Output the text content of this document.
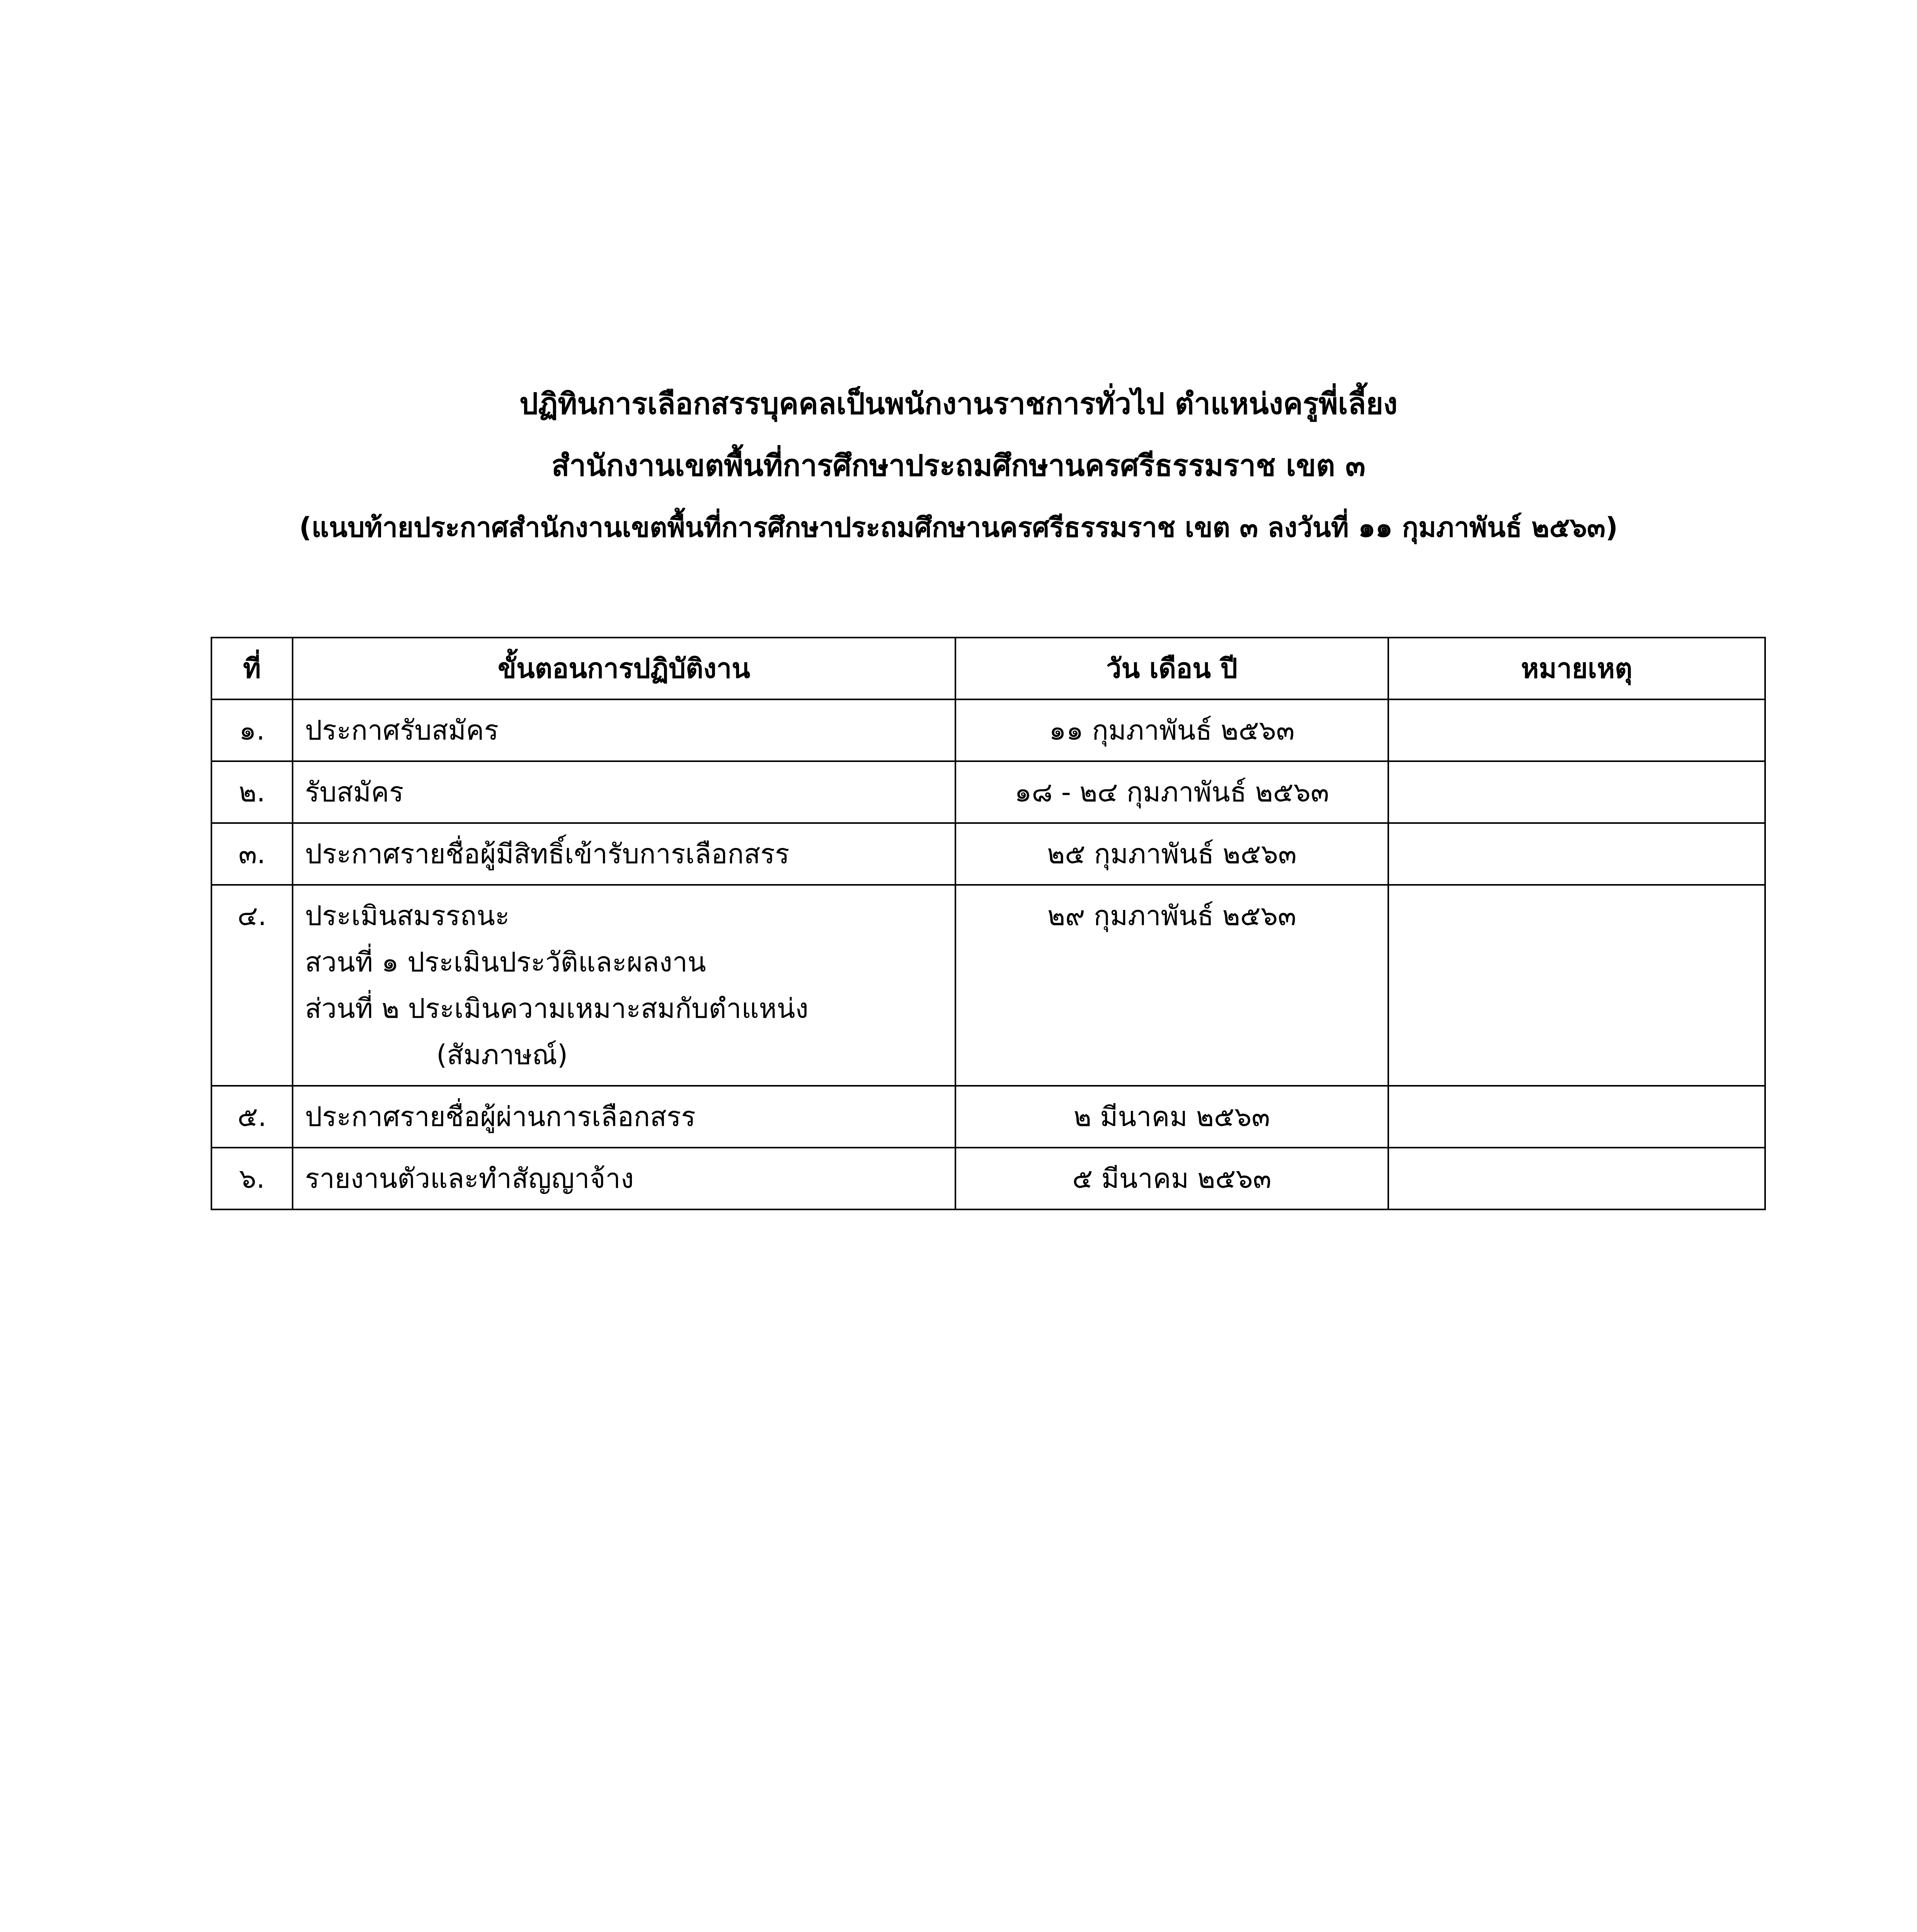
ปฏิทินการเลือกสรรบุคคลเป็นพนักงานราชการทั่วไป ตำแหน่งครูพี่เลี้ยง
สำนักงานเขตพื้นที่การศึกษาประถมศึกษานครศรีธรรมราช เขต ๓
(แนบท้ายประกาศสำนักงานเขตพื้นที่การศึกษาประถมศึกษานครศรีธรรมราช เขต ๓ ลงวันที่ ๑๑ กุมภาพันธ์ ๒๕๖๓)
ที่	ขั้นตอนการปฏิบัติงาน	วัน เดือน ปี	หมายเหตุ
๑.	ประกาศรับสมัคร	๑๑ กุมภาพันธ์ ๒๕๖๓	
๒.	รับสมัคร	๑๘ - ๒๔ กุมภาพันธ์ ๒๕๖๓	
๓.	ประกาศรายชื่อผู้มีสิทธิ์เข้ารับการเลือกสรร	๒๕ กุมภาพันธ์ ๒๕๖๓	
๔.	ประเมินสมรรถนะ
สวนที่ ๑ ประเมินประวัติและผลงาน
ส่วนที่ ๒ ประเมินความเหมาะสมกับตำแหน่ง
(สัมภาษณ์)	๒๙ กุมภาพันธ์ ๒๕๖๓	
๕.	ประกาศรายชื่อผู้ผ่านการเลือกสรร	๒ มีนาคม ๒๕๖๓	
๖.	รายงานตัวและทำสัญญาจ้าง	๕ มีนาคม ๒๕๖๓	
